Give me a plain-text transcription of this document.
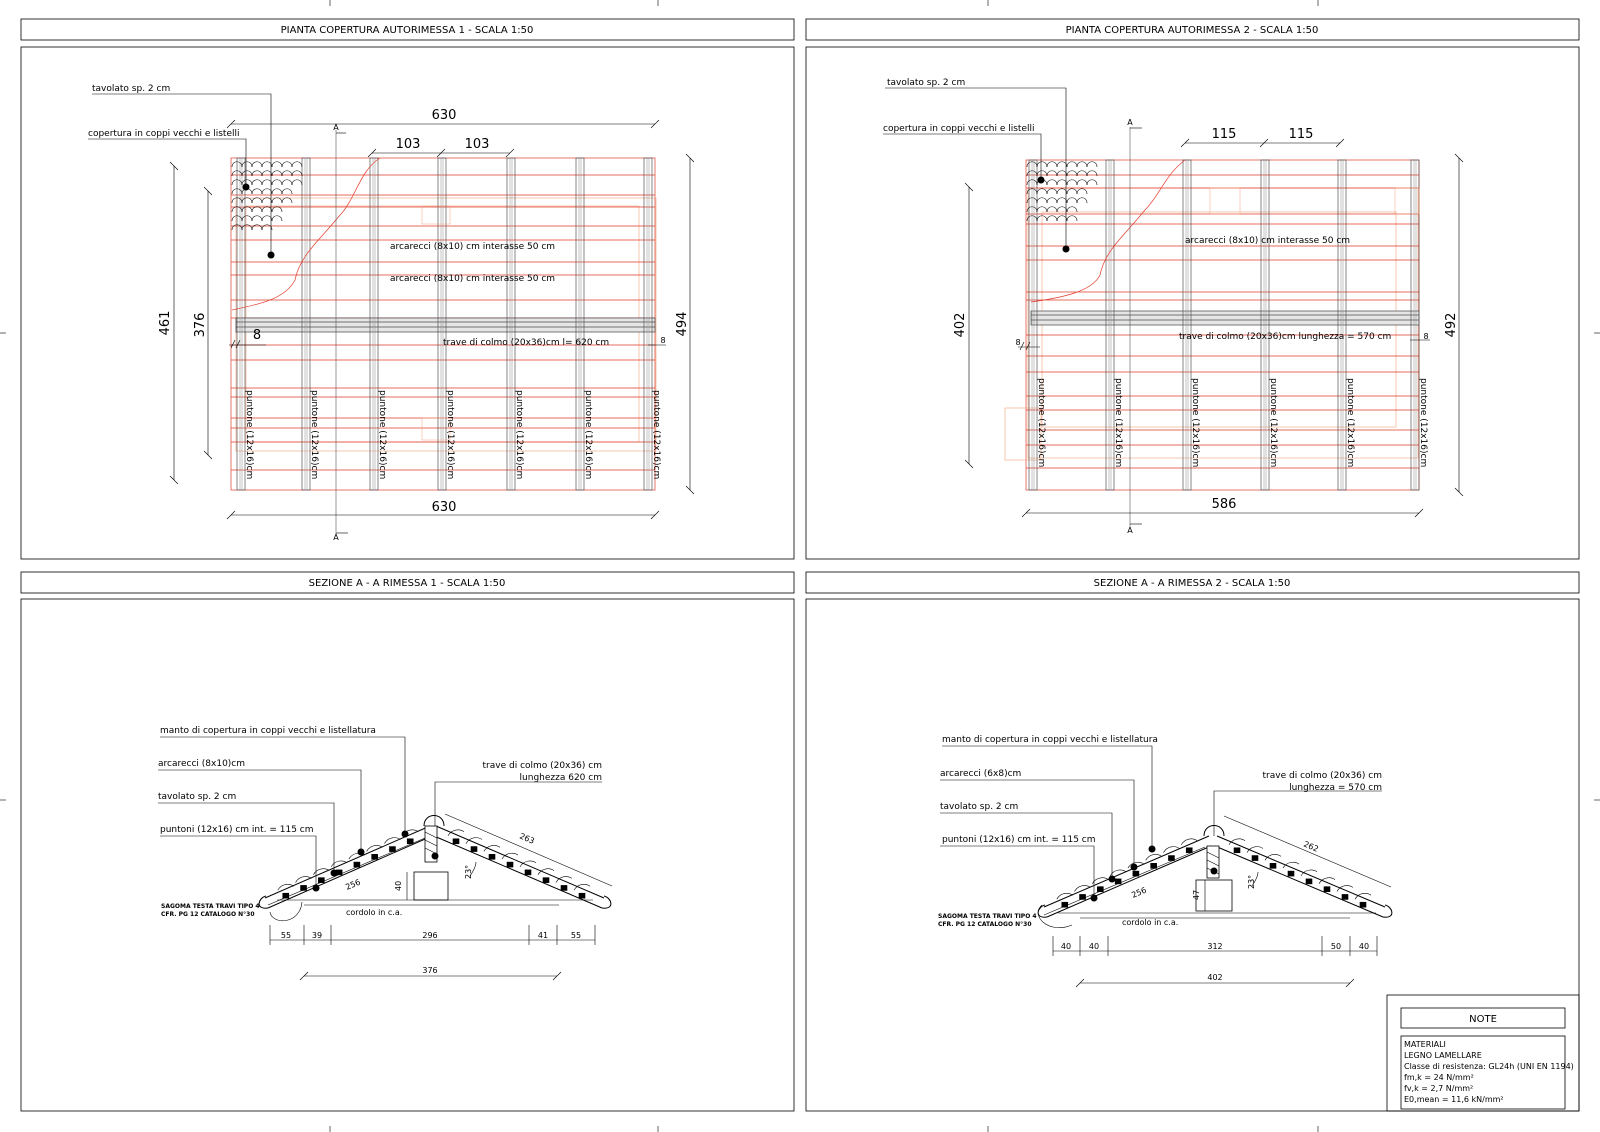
PIANTA COPERTURA AUTORIMESSA 1 - SCALA 1:50	PIANTA COPERTURA AUTORIMESSA 2 - SCALA 1:50
SEZIONE A - A RIMESSA 1 - SCALA 1:50	SEZIONE A - A RIMESSA 2 - SCALA 1:50
tavolato sp. 2 cm
copertura in coppi vecchi e listelli
arcarecci (8x10) cm interasse 50 cm
arcarecci (8x10) cm interasse 50 cm
trave di colmo (20x36)cm l= 620 cm
630
630
103	103
461 376	494
8	8
A
A
puntone (12x16)cm	puntone (12x16)cm	puntone (12x16)cm	puntone (12x16)cm	puntone (12x16)cm	puntone (12x16)cm	puntone (12x16)cm
tavolato sp. 2 cm
copertura in coppi vecchi e listelli
arcarecci (8x10) cm interasse 50 cm
trave di colmo (20x36)cm lunghezza = 570 cm
115	115
586
402	492
8
8
A
A
puntone (12x16)cm	puntone (12x16)cm	puntone (12x16)cm	puntone (12x16)cm	puntone (12x16)cm	puntone (12x16)cm
manto di copertura in coppi vecchi e listellatura
arcarecci (8x10)cm
tavolato sp. 2 cm
puntoni (12x16) cm int. = 115 cm
trave di colmo (20x36) cm
lunghezza 620 cm
SAGOMA TESTA TRAVI TIPO 4
CFR. PG 12 CATALOGO N°30	cordolo in c.a.
263
256	40
23°
55	39	296	41	55
376
manto di copertura in coppi vecchi e listellatura
arcarecci (6x8)cm
tavolato sp. 2 cm
puntoni (12x16) cm int. = 115 cm
trave di colmo (20x36) cm
lunghezza = 570 cm
SAGOMA TESTA TRAVI TIPO 4
CFR. PG 12 CATALOGO N°30	cordolo in c.a.
262
256	47
23°
40 40	312	50 40
402
NOTE
MATERIALI
LEGNO LAMELLARE
Classe di resistenza: GL24h (UNI EN 1194)
fm,k = 24 N/mm²
fv,k = 2,7 N/mm²
E0,mean = 11,6 kN/mm²
